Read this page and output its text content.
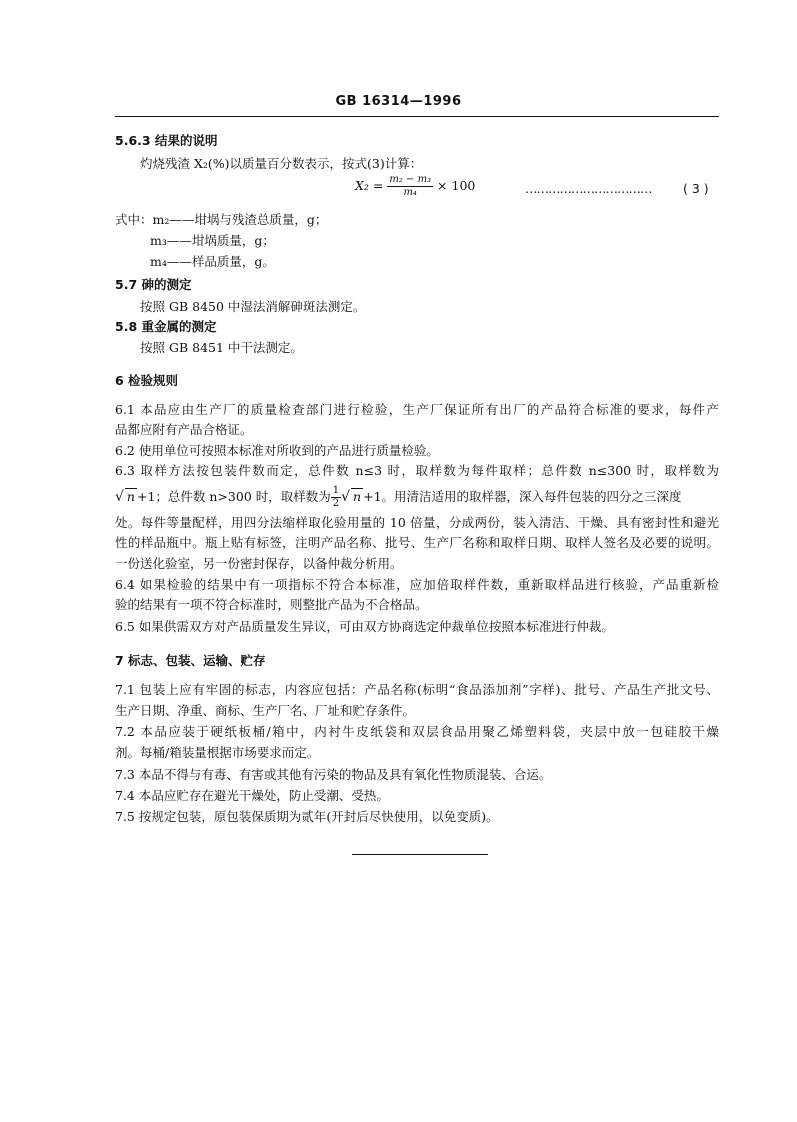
GB 16314—1996
5.6.3 结果的说明
灼烧残渣 X₂(%)以质量百分数表示，按式(3)计算：
$X_2 = \frac{\text{m₂ − m₃}}{\text{m₄}} \times 100$	……………………………	( 3 )
式中：m₂——坩埚与残渣总质量，g；
m₃——坩埚质量，g；
m₄——样品质量，g。
5.7 砷的测定
按照 GB 8450 中湿法消解砷斑法测定。
5.8 重金属的测定
按照 GB 8451 中干法测定。
6 检验规则
6.1 本品应由生产厂的质量检查部门进行检验，生产厂保证所有出厂的产品符合标准的要求，每件产
品都应附有产品合格证。
6.2 使用单位可按照本标准对所收到的产品进行质量检验。
6.3 取样方法按包装件数而定，总件数 n≤3 时，取样数为每件取样；总件数 n≤300 时，取样数为
√ n +1；总件数 n>300 时，取样数为 $\frac{1}{2}$ √ n +1。用清洁适用的取样器，深入每件包装的四分之三深度
处。每件等量配样，用四分法缩样取化验用量的 10 倍量，分成两份，装入清洁、干燥、具有密封性和避光
性的样品瓶中。瓶上贴有标签，注明产品名称、批号、生产厂名称和取样日期、取样人签名及必要的说明。
一份送化验室，另一份密封保存，以备仲裁分析用。
6.4 如果检验的结果中有一项指标不符合本标准，应加倍取样件数，重新取样品进行核验，产品重新检
验的结果有一项不符合标准时，则整批产品为不合格品。
6.5 如果供需双方对产品质量发生异议，可由双方协商选定仲裁单位按照本标准进行仲裁。
7 标志、包装、运输、贮存
7.1 包装上应有牢固的标志，内容应包括：产品名称(标明“食品添加剂”字样)、批号、产品生产批文号、
生产日期、净重、商标、生产厂名、厂址和贮存条件。
7.2 本品应装于硬纸板桶/箱中，内衬牛皮纸袋和双层食品用聚乙烯塑料袋，夹层中放一包硅胶干燥
剂。每桶/箱装量根据市场要求而定。
7.3 本品不得与有毒、有害或其他有污染的物品及具有氧化性物质混装、合运。
7.4 本品应贮存在避光干燥处，防止受潮、受热。
7.5 按规定包装，原包装保质期为贰年(开封后尽快使用，以免变质)。
